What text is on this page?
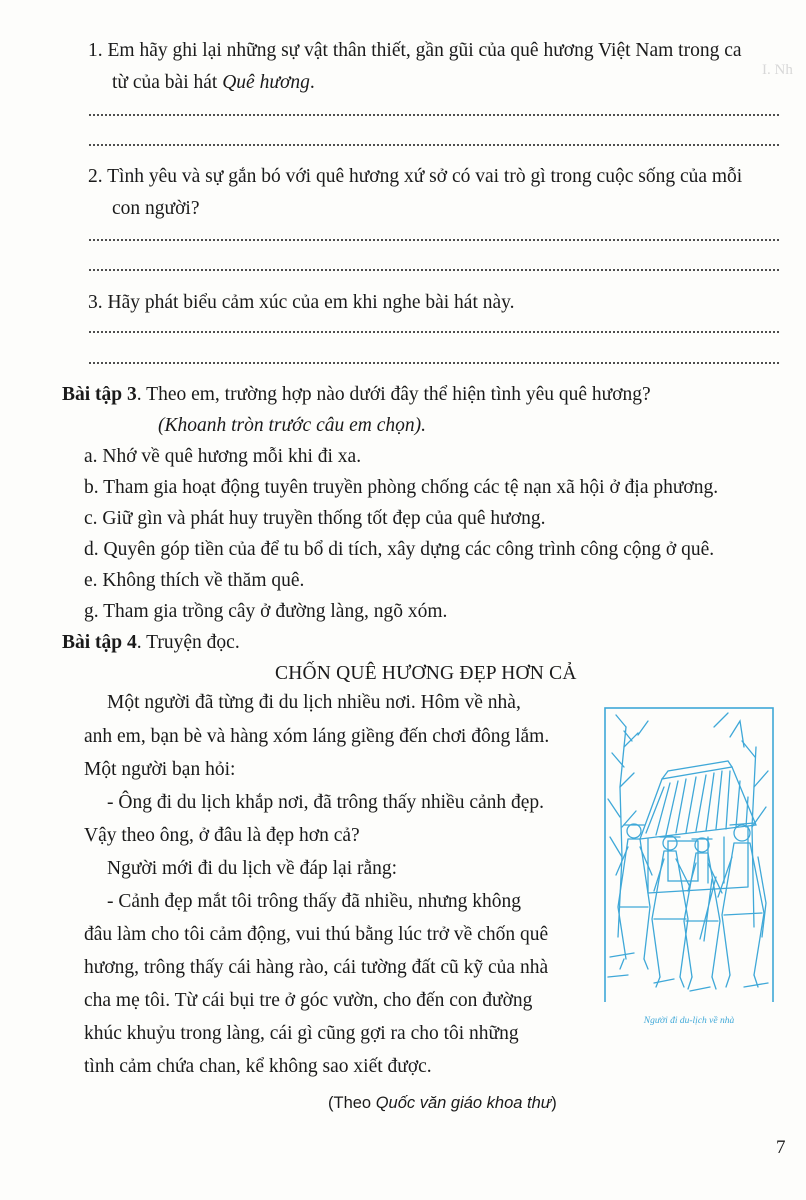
I. Nh
1. Em hãy ghi lại những sự vật thân thiết, gần gũi của quê hương Việt Nam trong ca
từ của bài hát Quê hương.
2. Tình yêu và sự gắn bó với quê hương xứ sở có vai trò gì trong cuộc sống của mỗi
con người?
3. Hãy phát biểu cảm xúc của em khi nghe bài hát này.
Bài tập 3. Theo em, trường hợp nào dưới đây thể hiện tình yêu quê hương?
(Khoanh tròn trước câu em chọn).
a. Nhớ về quê hương mỗi khi đi xa.
b. Tham gia hoạt động tuyên truyền phòng chống các tệ nạn xã hội ở địa phương.
c. Giữ gìn và phát huy truyền thống tốt đẹp của quê hương.
d. Quyên góp tiền của để tu bổ di tích, xây dựng các công trình công cộng ở quê.
e. Không thích về thăm quê.
g. Tham gia trồng cây ở đường làng, ngõ xóm.
Bài tập 4. Truyện đọc.
CHỐN QUÊ HƯƠNG ĐẸP HƠN CẢ
Một người đã từng đi du lịch nhiều nơi. Hôm về nhà,
anh em, bạn bè và hàng xóm láng giềng đến chơi đông lắm.
Một người bạn hỏi:
- Ông đi du lịch khắp nơi, đã trông thấy nhiều cảnh đẹp.
Vậy theo ông, ở đâu là đẹp hơn cả?
Người mới đi du lịch về đáp lại rằng:
- Cảnh đẹp mắt tôi trông thấy đã nhiều, nhưng không
đâu làm cho tôi cảm động, vui thú bằng lúc trở về chốn quê
hương, trông thấy cái hàng rào, cái tường đất cũ kỹ của nhà
cha mẹ tôi. Từ cái bụi tre ở góc vườn, cho đến con đường
khúc khuỷu trong làng, cái gì cũng gợi ra cho tôi những
tình cảm chứa chan, kể không sao xiết được.
(Theo Quốc văn giáo khoa thư)
Người đi du-lịch về nhà
7
